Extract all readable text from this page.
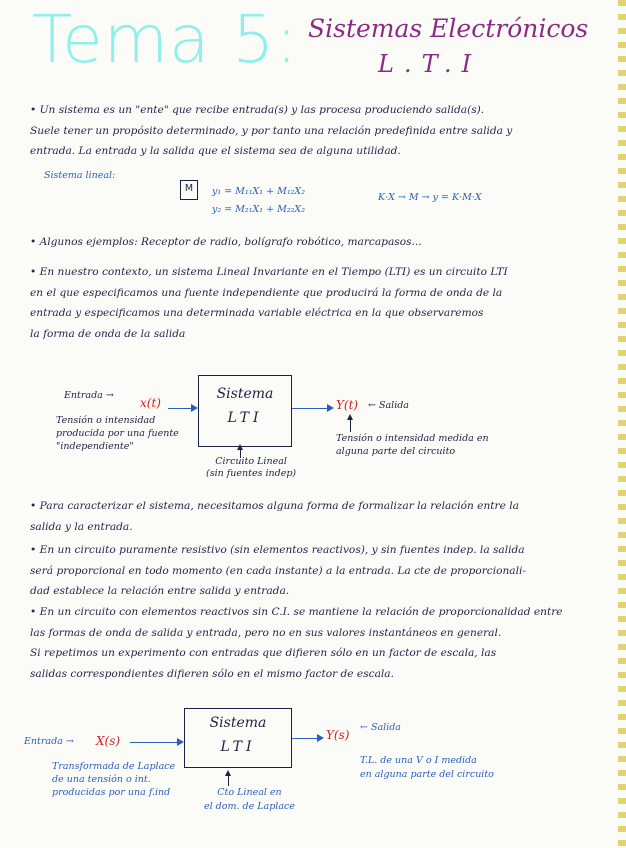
Tema 5: Sistemas Electrónicos
L.T.I
• Un sistema es un "ente" que recibe entrada(s) y las procesa produciendo salida(s).
Suele tener un propósito determinado, y por tanto una relación predefinida entre salida y
entrada. La entrada y la salida que el sistema sea de alguna utilidad.
Sistema lineal:
M	y₁ = M₁₁X₁ + M₁₂X₂
y₂ = M₂₁X₁ + M₂₂X₂
K·X → M → y = K·M·X
• Algunos ejemplos: Receptor de radio, bolígrafo robótico, marcapasos...
• En nuestro contexto, un sistema Lineal Invariante en el Tiempo (LTI) es un circuito LTI
en el que especificamos una fuente independiente que producirá la forma de onda de la
entrada y especificamos una determinada variable eléctrica en la que observaremos
la forma de onda de la salida
Sistema
LTI
Entrada →
x(t)
Tensión o intensidad
producida por una fuente
"independiente"
Y(t) ← Salida
Tensión o intensidad medida en
alguna parte del circuito
Circuito Lineal
(sin fuentes indep)
• Para caracterizar el sistema, necesitamos alguna forma de formalizar la relación entre la
salida y la entrada.
• En un circuito puramente resistivo (sin elementos reactivos), y sin fuentes indep. la salida
será proporcional en todo momento (en cada instante) a la entrada. La cte de proporcionali-
dad establece la relación entre salida y entrada.
• En un circuito con elementos reactivos sin C.I. se mantiene la relación de proporcionalidad entre
las formas de onda de salida y entrada, pero no en sus valores instantáneos en general.
Si repetimos un experimento con entradas que difieren sólo en un factor de escala, las
salidas correspondientes difieren sólo en el mismo factor de escala.
Sistema
LTI
Entrada → X(s)
Transformada de Laplace
de una tensión o int.
producidas por una f.ind
Y(s)
← Salida
T.L. de una V o I medida
en alguna parte del circuito
Cto Lineal en
el dom. de Laplace
